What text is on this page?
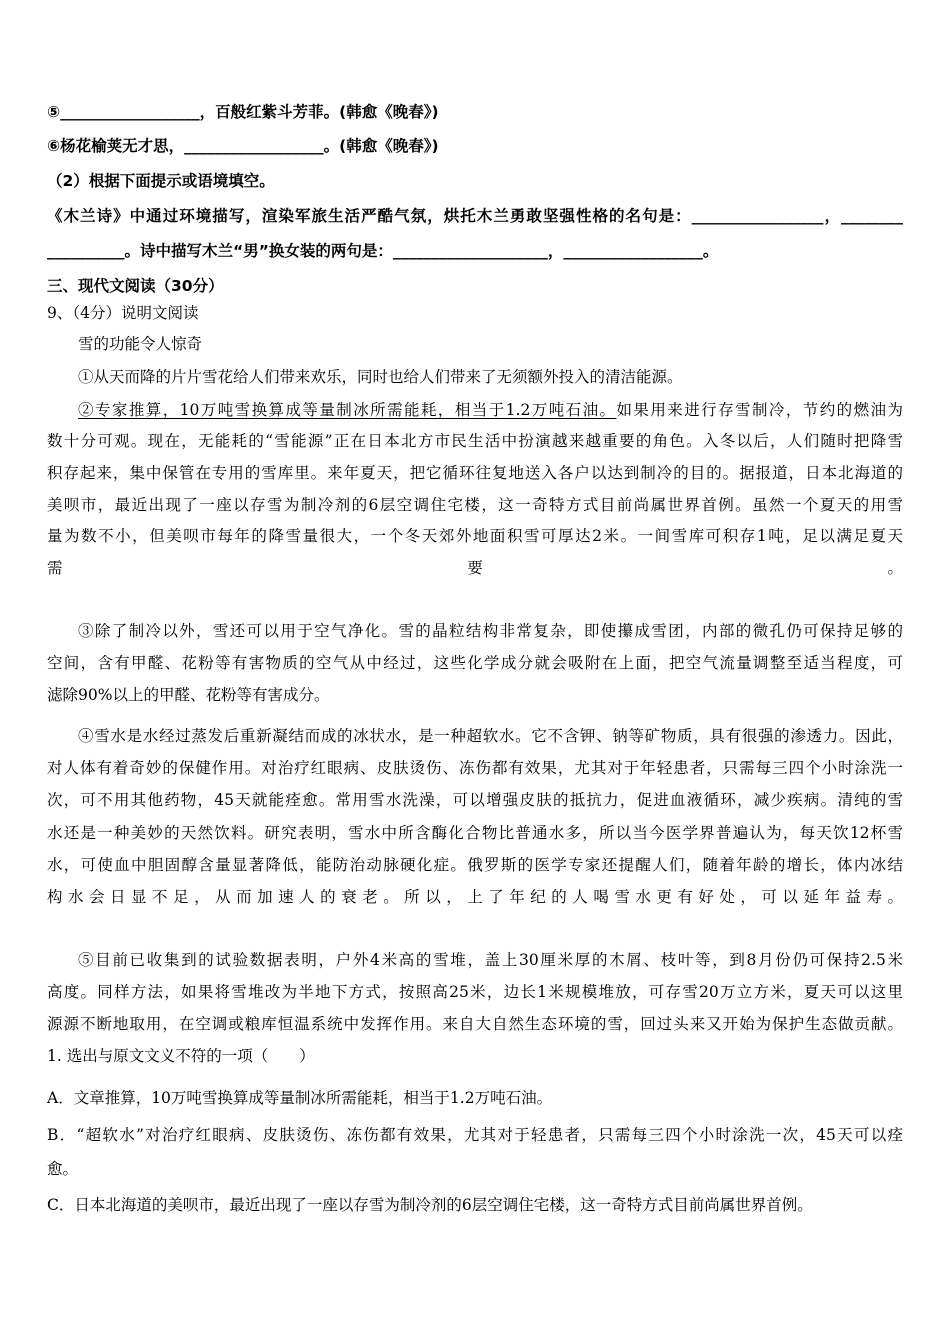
⑤__________________，百般红紫斗芳菲。(韩愈《晚春》)
⑥杨花榆荚无才思，__________________。(韩愈《晚春》)
（2）根据下面提示或语境填空。
《木兰诗》中通过环境描写，渲染军旅生活严酷气氛，烘托木兰勇敢坚强性格的名句是：_________________，________
__________。诗中描写木兰“男”换女装的两句是：____________________，__________________。
三、现代文阅读（30分）
9、（4分）说明文阅读
雪的功能令人惊奇
①从天而降的片片雪花给人们带来欢乐，同时也给人们带来了无须额外投入的清洁能源。
②专家推算，10万吨雪换算成等量制冰所需能耗，相当于1.2万吨石油。如果用来进行存雪制冷，节约的燃油为
数十分可观。现在，无能耗的“雪能源”正在日本北方市民生活中扮演越来越重要的角色。入冬以后，人们随时把降雪
积存起来，集中保管在专用的雪库里。来年夏天，把它循环往复地送入各户以达到制冷的目的。据报道，日本北海道的
美呗市，最近出现了一座以存雪为制冷剂的6层空调住宅楼，这一奇特方式目前尚属世界首例。虽然一个夏天的用雪
量为数不小，但美呗市每年的降雪量很大，一个冬天郊外地面积雪可厚达2米。一间雪库可积存1吨，足以满足夏天
需要。
③除了制冷以外，雪还可以用于空气净化。雪的晶粒结构非常复杂，即使攥成雪团，内部的微孔仍可保持足够的
空间，含有甲醛、花粉等有害物质的空气从中经过，这些化学成分就会吸附在上面，把空气流量调整至适当程度，可
滤除90%以上的甲醛、花粉等有害成分。
④雪水是水经过蒸发后重新凝结而成的冰状水，是一种超软水。它不含钾、钠等矿物质，具有很强的渗透力。因此，
对人体有着奇妙的保健作用。对治疗红眼病、皮肤烫伤、冻伤都有效果，尤其对于年轻患者，只需每三四个小时涂洗一
次，可不用其他药物，45天就能痊愈。常用雪水洗澡，可以增强皮肤的抵抗力，促进血液循环，减少疾病。清纯的雪
水还是一种美妙的天然饮料。研究表明，雪水中所含酶化合物比普通水多，所以当今医学界普遍认为，每天饮12杯雪
水，可使血中胆固醇含量显著降低，能防治动脉硬化症。俄罗斯的医学专家还提醒人们，随着年龄的增长，体内冰结
构水会日显不足，从而加速人的衰老。所以，上了年纪的人喝雪水更有好处，可以延年益寿。
⑤目前已收集到的试验数据表明，户外4米高的雪堆，盖上30厘米厚的木屑、枝叶等，到8月份仍可保持2.5米
高度。同样方法，如果将雪堆改为半地下方式，按照高25米，边长1米规模堆放，可存雪20万立方米，夏天可以这里
源源不断地取用，在空调或粮库恒温系统中发挥作用。来自大自然生态环境的雪，回过头来又开始为保护生态做贡献。
1. 选出与原文文义不符的一项（　　）
A．文章推算，10万吨雪换算成等量制冰所需能耗，相当于1.2万吨石油。
B．“超软水”对治疗红眼病、皮肤烫伤、冻伤都有效果，尤其对于轻患者，只需每三四个小时涂洗一次，45天可以痊
愈。
C．日本北海道的美呗市，最近出现了一座以存雪为制冷剂的6层空调住宅楼，这一奇特方式目前尚属世界首例。
